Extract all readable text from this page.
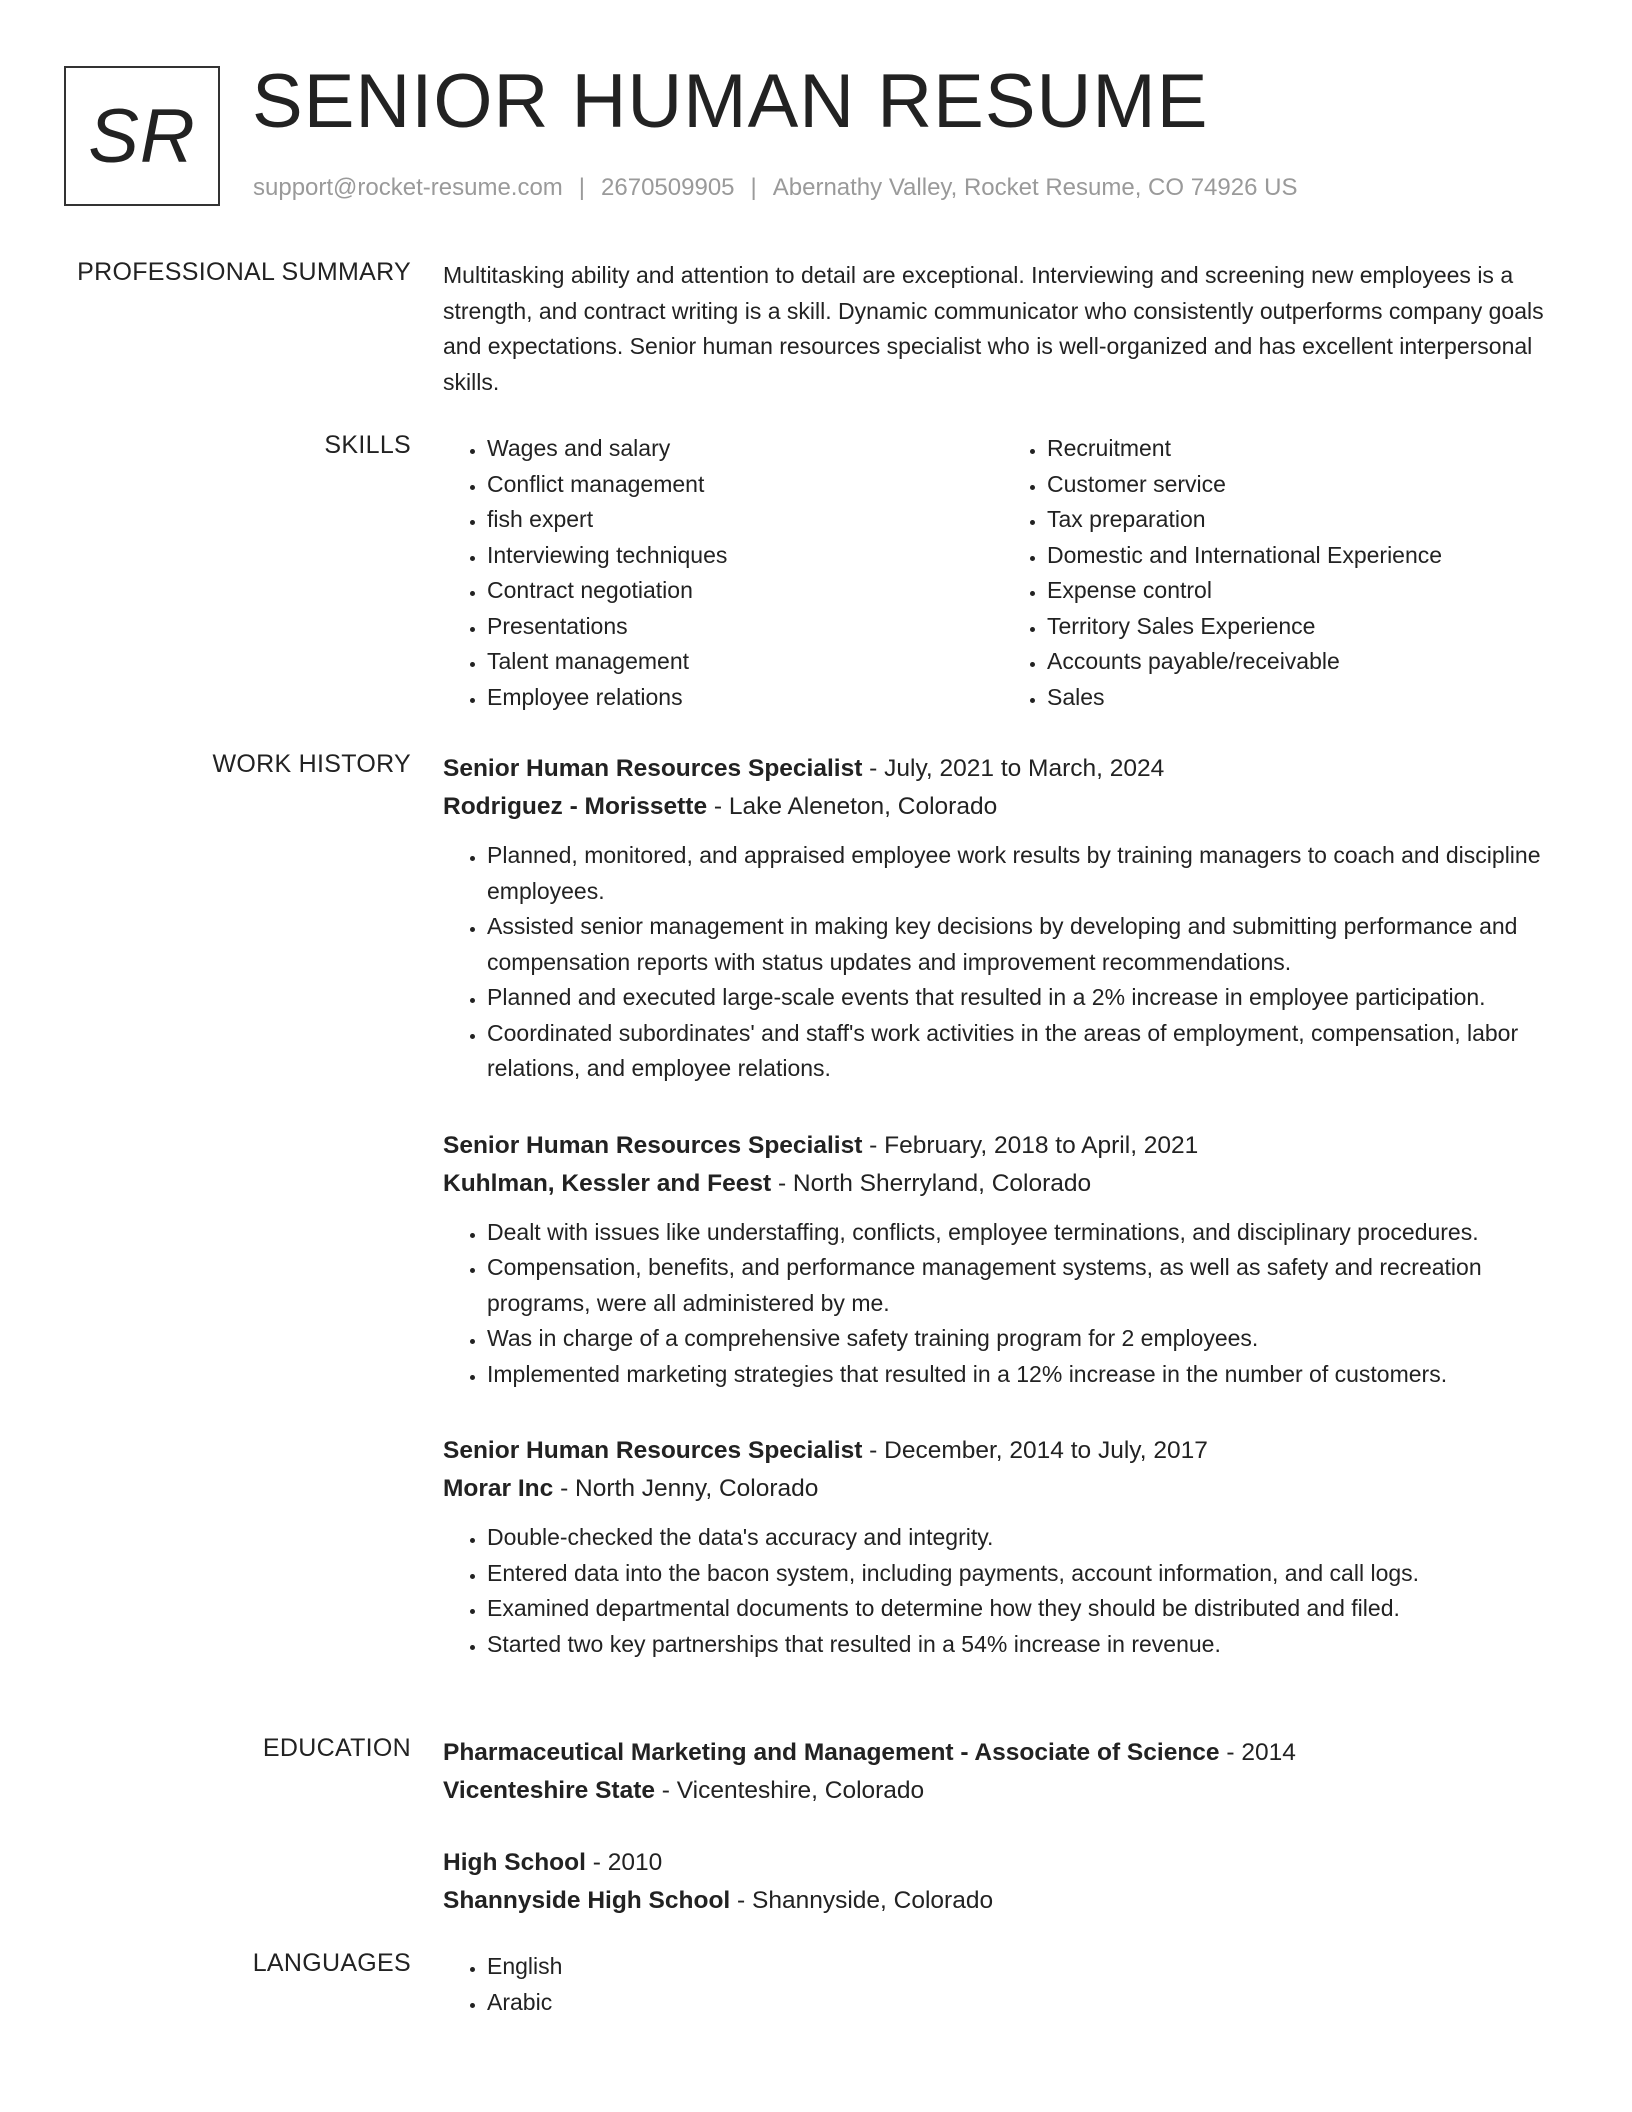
SR SENIOR HUMAN RESUME
support@rocket-resume.com | 2670509905 | Abernathy Valley, Rocket Resume, CO 74926 US
PROFESSIONAL SUMMARY Multitasking ability and attention to detail are exceptional. Interviewing and screening new employees is a strength, and contract writing is a skill. Dynamic communicator who consistently outperforms company goals and expectations. Senior human resources specialist who is well-organized and has excellent interpersonal skills.

SKILLS	• Wages and salary
• Conflict management
• fish expert
• Interviewing techniques
• Contract negotiation
• Presentations
• Talent management
• Employee relations
• Recruitment
• Customer service
• Tax preparation
• Domestic and International Experience
• Expense control
• Territory Sales Experience
• Accounts payable/receivable
• Sales
WORK HISTORY Senior Human Resources Specialist - July, 2021 to March, 2024
Rodriguez - Morissette - Lake Aleneton, Colorado
• Planned, monitored, and appraised employee work results by training managers to coach and discipline employees.
• Assisted senior management in making key decisions by developing and submitting performance and compensation reports with status updates and improvement recommendations.
• Planned and executed large-scale events that resulted in a 2% increase in employee participation.
• Coordinated subordinates' and staff's work activities in the areas of employment, compensation, labor relations, and employee relations.
Senior Human Resources Specialist - February, 2018 to April, 2021
Kuhlman, Kessler and Feest - North Sherryland, Colorado
• Dealt with issues like understaffing, conflicts, employee terminations, and disciplinary procedures.
• Compensation, benefits, and performance management systems, as well as safety and recreation programs, were all administered by me.
• Was in charge of a comprehensive safety training program for 2 employees.
• Implemented marketing strategies that resulted in a 12% increase in the number of customers.
Senior Human Resources Specialist - December, 2014 to July, 2017
Morar Inc - North Jenny, Colorado
• Double-checked the data's accuracy and integrity.
• Entered data into the bacon system, including payments, account information, and call logs.
• Examined departmental documents to determine how they should be distributed and filed.
• Started two key partnerships that resulted in a 54% increase in revenue.
EDUCATION Pharmaceutical Marketing and Management - Associate of Science - 2014
Vicenteshire State - Vicenteshire, Colorado
High School - 2010
Shannyside High School - Shannyside, Colorado
LANGUAGES	• English
• Arabic
